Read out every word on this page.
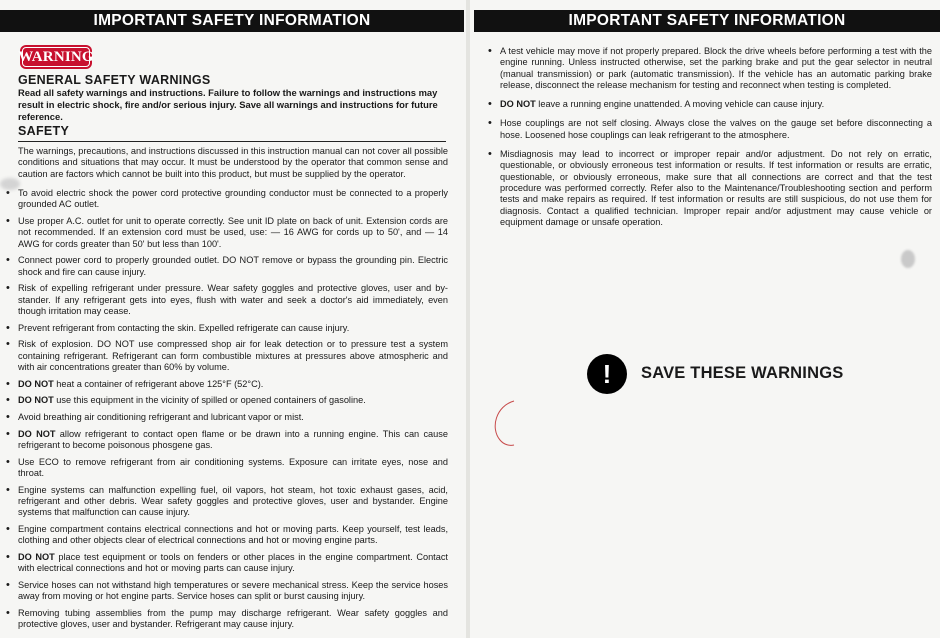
IMPORTANT SAFETY INFORMATION
WARNING
GENERAL SAFETY WARNINGS
Read all safety warnings and instructions. Failure to follow the warnings and instructions may result in electric shock, fire and/or serious injury. Save all warnings and instructions for future reference.
SAFETY
The warnings, precautions, and instructions discussed in this instruction manual can not cover all possible conditions and situations that may occur. It must be understood by the operator that common sense and caution are factors which cannot be built into this product, but must be supplied by the operator.
• To avoid electric shock the power cord protective grounding conductor must be connected to a properly grounded AC outlet.
• Use proper A.C. outlet for unit to operate correctly. See unit ID plate on back of unit. Extension cords are not recommended. If an extension cord must be used, use: — 16 AWG for cords up to 50', and — 14 AWG for cords greater than 50' but less than 100'.
• Connect power cord to properly grounded outlet. DO NOT remove or bypass the grounding pin. Electric shock and fire can cause injury.
• Risk of expelling refrigerant under pressure. Wear safety goggles and protective gloves, user and by-stander. If any refrigerant gets into eyes, flush with water and seek a doctor's aid immediately, even though irritation may cease.
• Prevent refrigerant from contacting the skin. Expelled refrigerate can cause injury.
• Risk of explosion. DO NOT use compressed shop air for leak detection or to pressure test a system containing refrigerant. Refrigerant can form combustible mixtures at pressures above atmospheric and with air concentrations greater than 60% by volume.
• DO NOT heat a container of refrigerant above 125°F (52°C).
• DO NOT use this equipment in the vicinity of spilled or opened containers of gasoline.
• Avoid breathing air conditioning refrigerant and lubricant vapor or mist.
• DO NOT allow refrigerant to contact open flame or be drawn into a running engine. This can cause refrigerant to become poisonous phosgene gas.
• Use ECO to remove refrigerant from air conditioning systems. Exposure can irritate eyes, nose and throat.
• Engine systems can malfunction expelling fuel, oil vapors, hot steam, hot toxic exhaust gases, acid, refrigerant and other debris. Wear safety goggles and protective gloves, user and bystander. Engine systems that malfunction can cause injury.
• Engine compartment contains electrical connections and hot or moving parts. Keep yourself, test leads, clothing and other objects clear of electrical connections and hot or moving engine parts.
• DO NOT place test equipment or tools on fenders or other places in the engine compartment. Contact with electrical connections and hot or moving parts can cause injury.
• Service hoses can not withstand high temperatures or severe mechanical stress. Keep the service hoses away from moving or hot engine parts. Service hoses can split or burst causing injury.
• Removing tubing assemblies from the pump may discharge refrigerant. Wear safety goggles and protective gloves, user and bystander. Refrigerant may cause injury.
IMPORTANT SAFETY INFORMATION
• A test vehicle may move if not properly prepared. Block the drive wheels before performing a test with the engine running. Unless instructed otherwise, set the parking brake and put the gear selector in neutral (manual transmission) or park (automatic transmission). If the vehicle has an automatic parking brake release, disconnect the release mechanism for testing and reconnect when testing is completed.
• DO NOT leave a running engine unattended. A moving vehicle can cause injury.
• Hose couplings are not self closing. Always close the valves on the gauge set before disconnecting a hose. Loosened hose couplings can leak refrigerant to the atmosphere.
• Misdiagnosis may lead to incorrect or improper repair and/or adjustment. Do not rely on erratic, questionable, or obviously erroneous test information or results. If test information or results are erratic, questionable, or obviously erroneous, make sure that all connections are correct and that the test procedure was performed correctly. Refer also to the Maintenance/Troubleshooting section and perform tests and make repairs as required. If test information or results are still suspicious, do not use them for diagnosis. Contact a qualified technician. Improper repair and/or adjustment may cause vehicle or equipment damage or unsafe operation.
!	SAVE THESE WARNINGS
